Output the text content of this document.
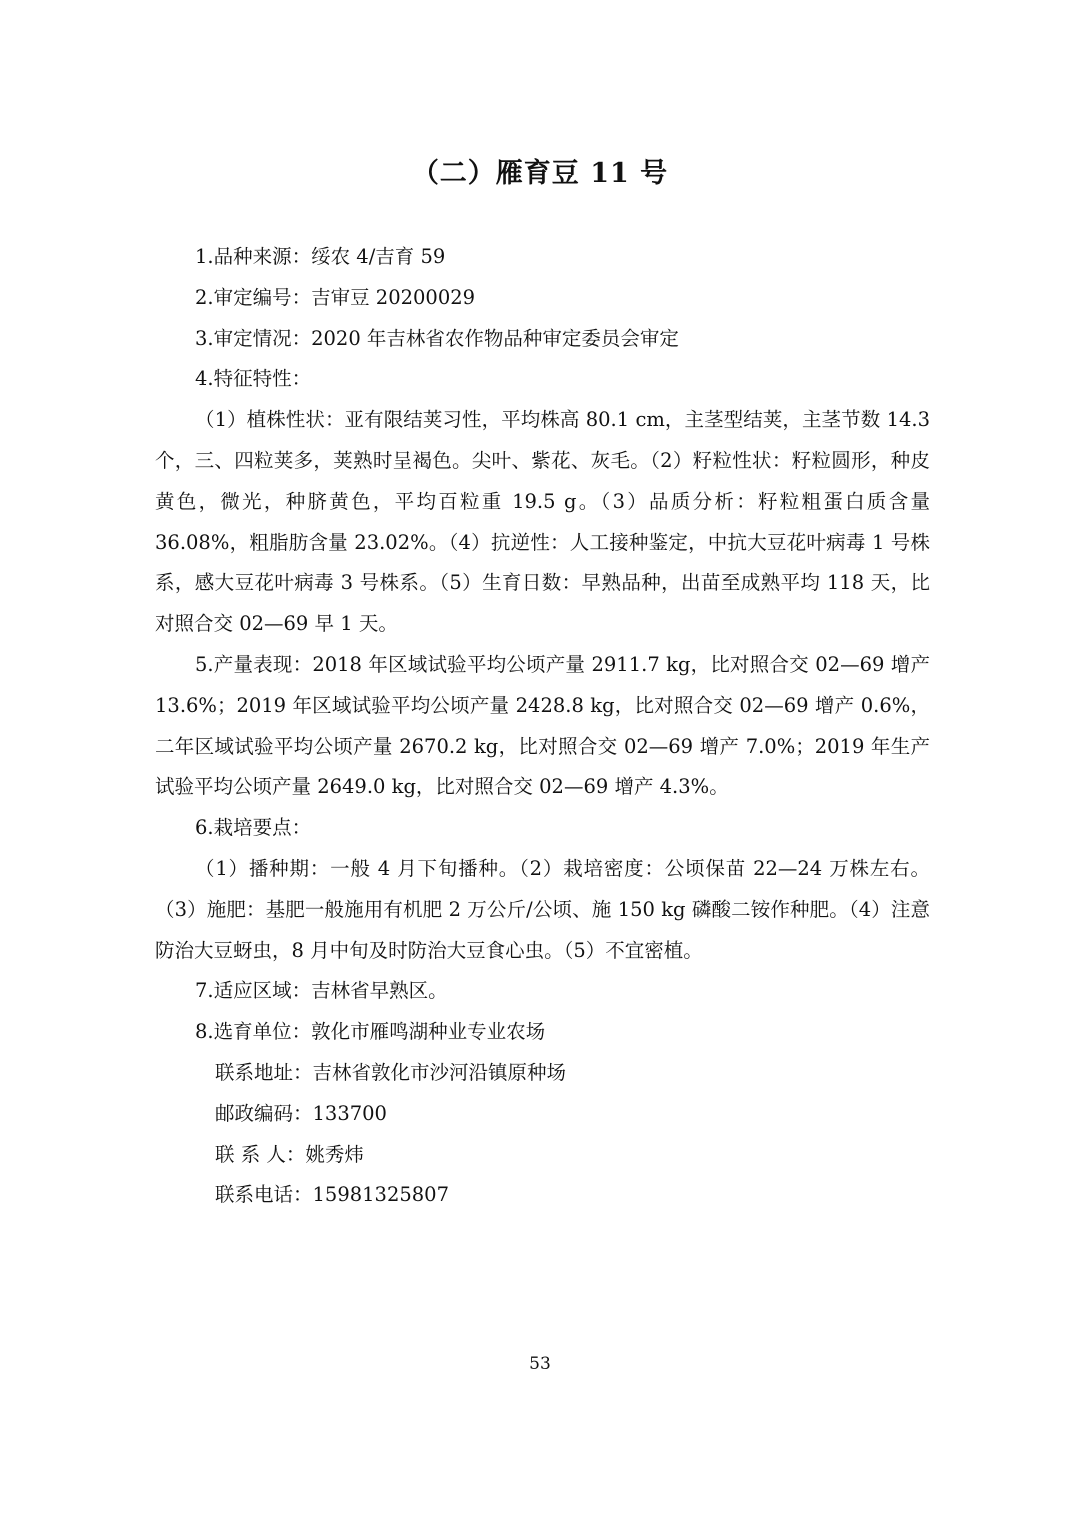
（二）雁育豆 11 号

1.品种来源：绥农 4/吉育 59

2.审定编号：吉审豆 20200029

3.审定情况：2020 年吉林省农作物品种审定委员会审定

4.特征特性：

（1）植株性状：亚有限结荚习性，平均株高 80.1 cm，主茎型结荚，主茎节数 14.3 个，三、四粒荚多，荚熟时呈褐色。尖叶、紫花、灰毛。（2）籽粒性状：籽粒圆形，种皮黄色，微光，种脐黄色，平均百粒重 19.5 g。（3）品质分析：籽粒粗蛋白质含量 36.08%，粗脂肪含量 23.02%。（4）抗逆性：人工接种鉴定，中抗大豆花叶病毒 1 号株系，感大豆花叶病毒 3 号株系。（5）生育日数：早熟品种，出苗至成熟平均 118 天，比对照合交 02—69 早 1 天。

5.产量表现：2018 年区域试验平均公顷产量 2911.7 kg，比对照合交 02—69 增产 13.6%；2019 年区域试验平均公顷产量 2428.8 kg，比对照合交 02—69 增产 0.6%，二年区域试验平均公顷产量 2670.2 kg，比对照合交 02—69 增产 7.0%；2019 年生产试验平均公顷产量 2649.0 kg，比对照合交 02—69 增产 4.3%。

6.栽培要点：

（1）播种期：一般 4 月下旬播种。（2）栽培密度：公顷保苗 22—24 万株左右。（3）施肥：基肥一般施用有机肥 2 万公斤/公顷、施 150 kg 磷酸二铵作种肥。（4）注意防治大豆蚜虫，8 月中旬及时防治大豆食心虫。（5）不宜密植。

7.适应区域：吉林省早熟区。

8.选育单位：敦化市雁鸣湖种业专业农场

联系地址：吉林省敦化市沙河沿镇原种场
邮政编码：133700
联 系 人：姚秀炜
联系电话：15981325807
53
